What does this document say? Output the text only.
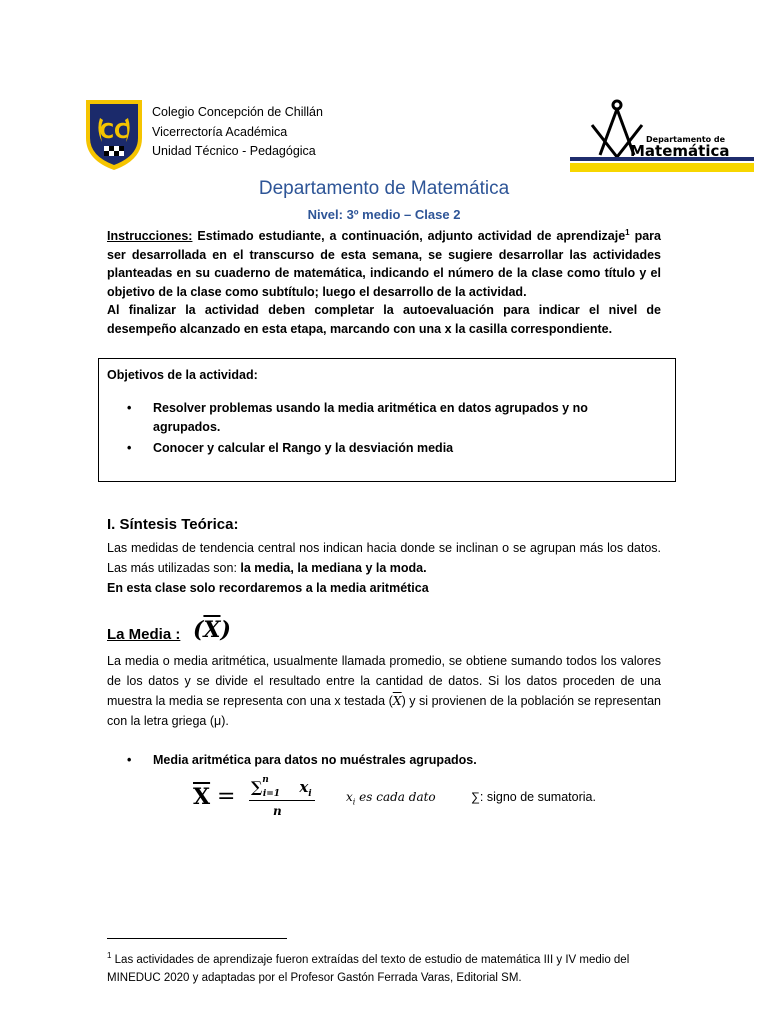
CC
Colegio Concepción de Chillán
Vicerrectoría Académica
Unidad Técnico - Pedagógica
Departamento de
Matemática
Departamento de Matemática
Nivel: 3º medio – Clase 2

Instrucciones: Estimado estudiante, a continuación, adjunto actividad de aprendizaje$^1$ para ser desarrollada en el transcurso de esta semana, se sugiere desarrollar las actividades planteadas en su cuaderno de matemática, indicando el número de la clase como título y el objetivo de la clase como subtítulo; luego el desarrollo de la actividad.

Al finalizar la actividad deben completar la autoevaluación para indicar el nivel de desempeño alcanzado en esta etapa, marcando con una x la casilla correspondiente.

Objetivos de la actividad:
•	Resolver problemas usando la media aritmética en datos agrupados y no agrupados.
•	Conocer y calcular el Rango y la desviación media
I. Síntesis Teórica:
Las medidas de tendencia central nos indican hacia donde se inclinan o se agrupan más los datos. Las más utilizadas son: la media, la mediana y la moda.
En esta clase solo recordaremos a la media aritmética
La Media : $(\overline{X})$
La media o media aritmética, usualmente llamada promedio, se obtiene sumando todos los valores de los datos y se divide el resultado entre la cantidad de datos. Si los datos proceden de una muestra la media se representa con una x testada $(\overline{X})$ y si provienen de la población se representan con la letra griega (μ).
•	Media aritmética para datos no muéstrales agrupados.
$\overline{X} = \sum^n_{i=1}$ $x_i$
n
$x_i$ es cada dato	∑: signo de sumatoria.
$^1$ Las actividades de aprendizaje fueron extraídas del texto de estudio de matemática III y IV medio del MINEDUC 2020 y adaptadas por el Profesor Gastón Ferrada Varas, Editorial SM.
